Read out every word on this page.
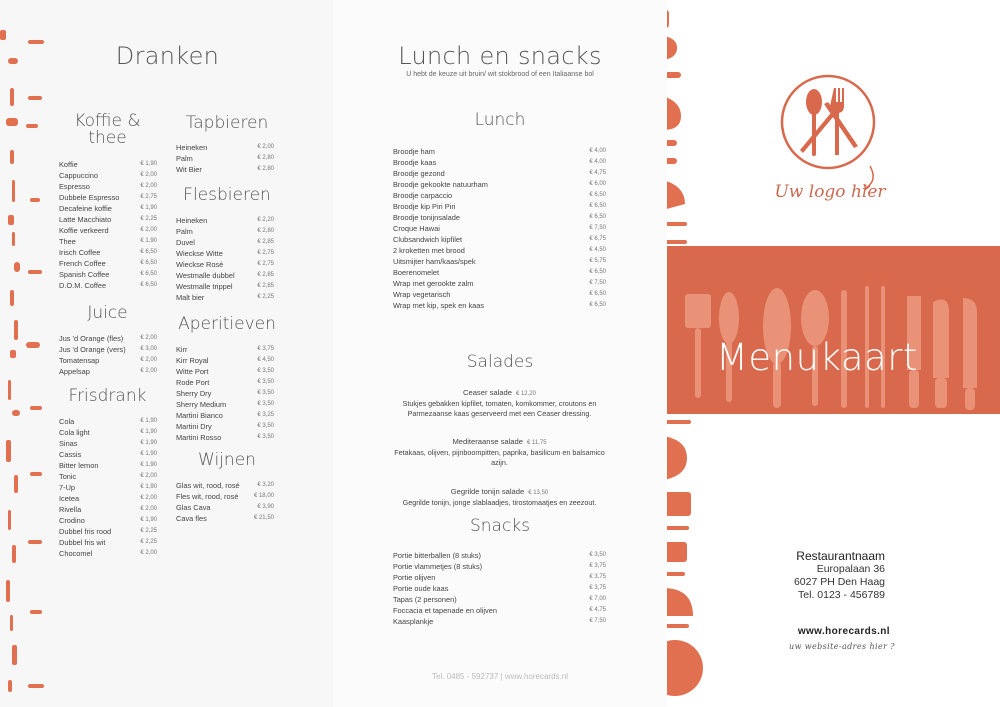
Dranken
Koffie & thee
Koffie	€ 1,90
Cappuccino	€ 2,00
Espresso	€ 2,00
Dubbele Espresso	€ 2,75
Decafeine koffie	€ 1,90
Latte Macchiato	€ 2,25
Koffie verkeerd	€ 2,00
Thee	€ 1,90
Irisch Coffee	€ 6,50
French Coffee	€ 6,50
Spanish Coffee	€ 6,50
D.O.M. Coffee	€ 6,50
Juice
Jus 'd Orange (fles)	€ 2,00
Jus 'd Orange (vers) € 3,00
Tomatensap	€ 2,00
Appelsap	€ 2,00
Frisdrank
Cola	€ 1,90
Cola light	€ 1,90
Sinas	€ 1,90
Cassis	€ 1,90
Bitter lemon	€ 1,90
Tonic	€ 2,00
7-Up	€ 1,90
Icetea	€ 2,00
Rivella	€ 2,00
Crodino	€ 1,90
Dubbel fris rood	€ 2,25
Dubbel fris wit	€ 2,25
Chocomel	€ 2,00
Tapbieren
Heineken	€ 2,00
Palm	€ 2,80
Wit Bier	€ 2,80
Flesbieren
Heineken	€ 2,20
Palm	€ 2,80
Duvel	€ 2,85
Wieckse Witte	€ 2,75
Wieckse Rosé	€ 2,75
Westmalle dubbel	€ 2,85
Westmalle trippel	€ 2,85
Malt bier	€ 2,25
Aperitieven
Kirr	€ 3,75
Kirr Royal	€ 4,50
Witte Port	€ 3,50
Rode Port	€ 3,50
Sherry Dry	€ 3,50
Sherry Medium	€ 3,50
Martini Bianco	€ 3,25
Martini Dry	€ 3,50
Martini Rosso	€ 3,50
Wijnen
Glas wit, rood, rosé	€ 3,20
Fles wit, rood, rosé	€ 18,00
Glas Cava	€ 3,90
Cava fles	€ 21,50
Lunch en snacks
U hebt de keuze uit bruin/ wit stokbrood of een Italiaanse bol
Lunch
Broodje ham	€ 4,00
Broodje kaas	€ 4,00
Broodje gezond	€ 4,75
Broodje gekookte natuurham	€ 6,00
Broodje carpaccio	€ 6,50
Broodje kip Piri Piri	€ 6,50
Broodje tonijnsalade	€ 6,50
Croque Hawai	€ 7,50
Clubsandwich kipfilet	€ 6,75
2 kroketten met brood	€ 4,50
Uitsmijter ham/kaas/spek	€ 5,75
Boerenomelet	€ 6,50
Wrap met gerookte zalm	€ 7,50
Wrap vegetarisch	€ 6,50
Wrap met kip, spek en kaas	€ 6,50
Salades
Ceaser salade € 12,20
Stukjes gebakken kipfilet, tomaten, komkommer, croutons en Parmezaanse kaas geserveerd met een Ceaser dressing.
Mediteraanse salade € 11,75
Fetakaas, olijven, pijnboompitten, paprika, basilicum en balsamico azijn.
Gegrilde tonijn salade € 13,50
Gegrilde tonijn, jonge slablaadjes, tirostomaatjes en zeezout.
Snacks
Portie bitterballen (8 stuks)	€ 3,50
Portie vlammetjes (8 stuks)	€ 3,75
Portie olijven	€ 3,75
Portie oude kaas	€ 3,75
Tapas (2 personen)	€ 7,00
Foccacia et tapenade en olijven	€ 4,75
Kaasplankje	€ 7,50
Tel. 0485 - 592737 | www.horecards.nl
Uw logo hier
Menukaart
Restaurantnaam
Europalaan 36
6027 PH Den Haag
Tel. 0123 - 456789
www.horecards.nl
uw website-adres hier ?
